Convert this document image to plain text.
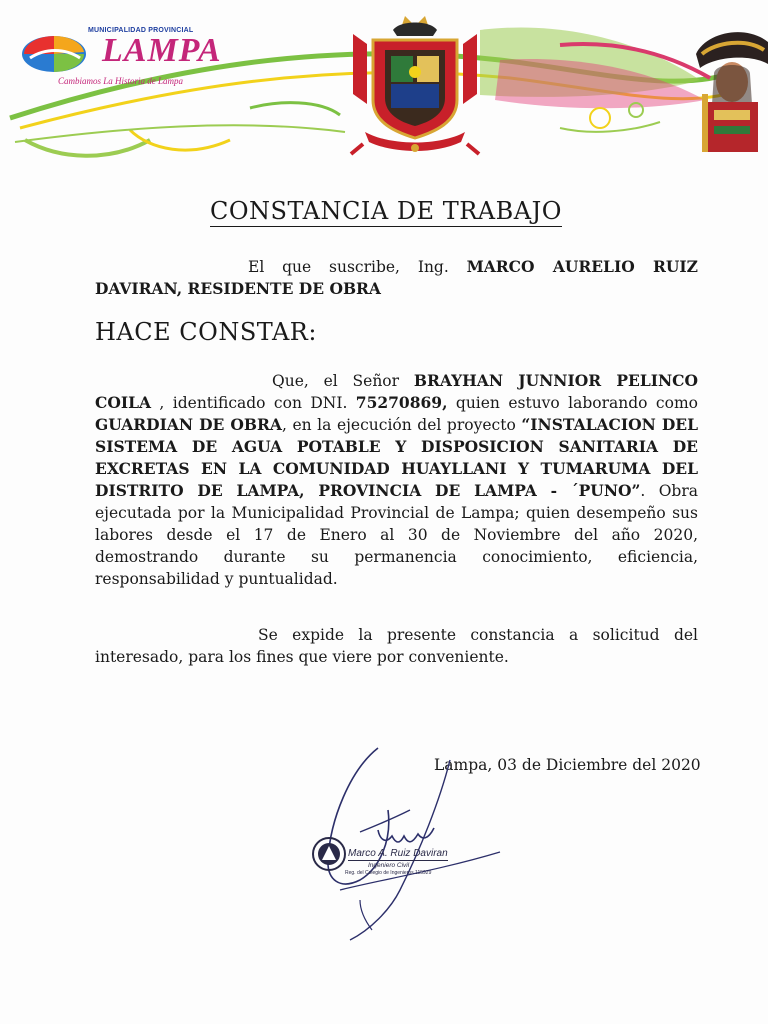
MUNICIPALIDAD PROVINCIAL
LAMPA
Cambiamos La Historia de Lampa
CONSTANCIA DE TRABAJO

El que suscribe, Ing. MARCO AURELIO RUIZ DAVIRAN, RESIDENTE DE OBRA

HACE CONSTAR:

Que, el Señor BRAYHAN JUNNIOR PELINCO COILA , identificado con DNI. 75270869, quien estuvo laborando como GUARDIAN DE OBRA, en la ejecución del proyecto “INSTALACION DEL SISTEMA DE AGUA POTABLE Y DISPOSICION SANITARIA DE EXCRETAS EN LA COMUNIDAD HUAYLLANI Y TUMARUMA DEL DISTRITO DE LAMPA, PROVINCIA DE LAMPA - ´PUNO”. Obra ejecutada por la Municipalidad Provincial de Lampa; quien desempeño sus labores desde el 17 de Enero al 30 de Noviembre del año 2020, demostrando durante su permanencia conocimiento, eficiencia, responsabilidad y puntualidad.

Se expide la presente constancia a solicitud del interesado, para los fines que viere por conveniente.

Lampa, 03 de Diciembre del 2020
Marco A. Ruiz Daviran
Ingeniero Civil
Reg. del Colegio de Ingenieros 115929
